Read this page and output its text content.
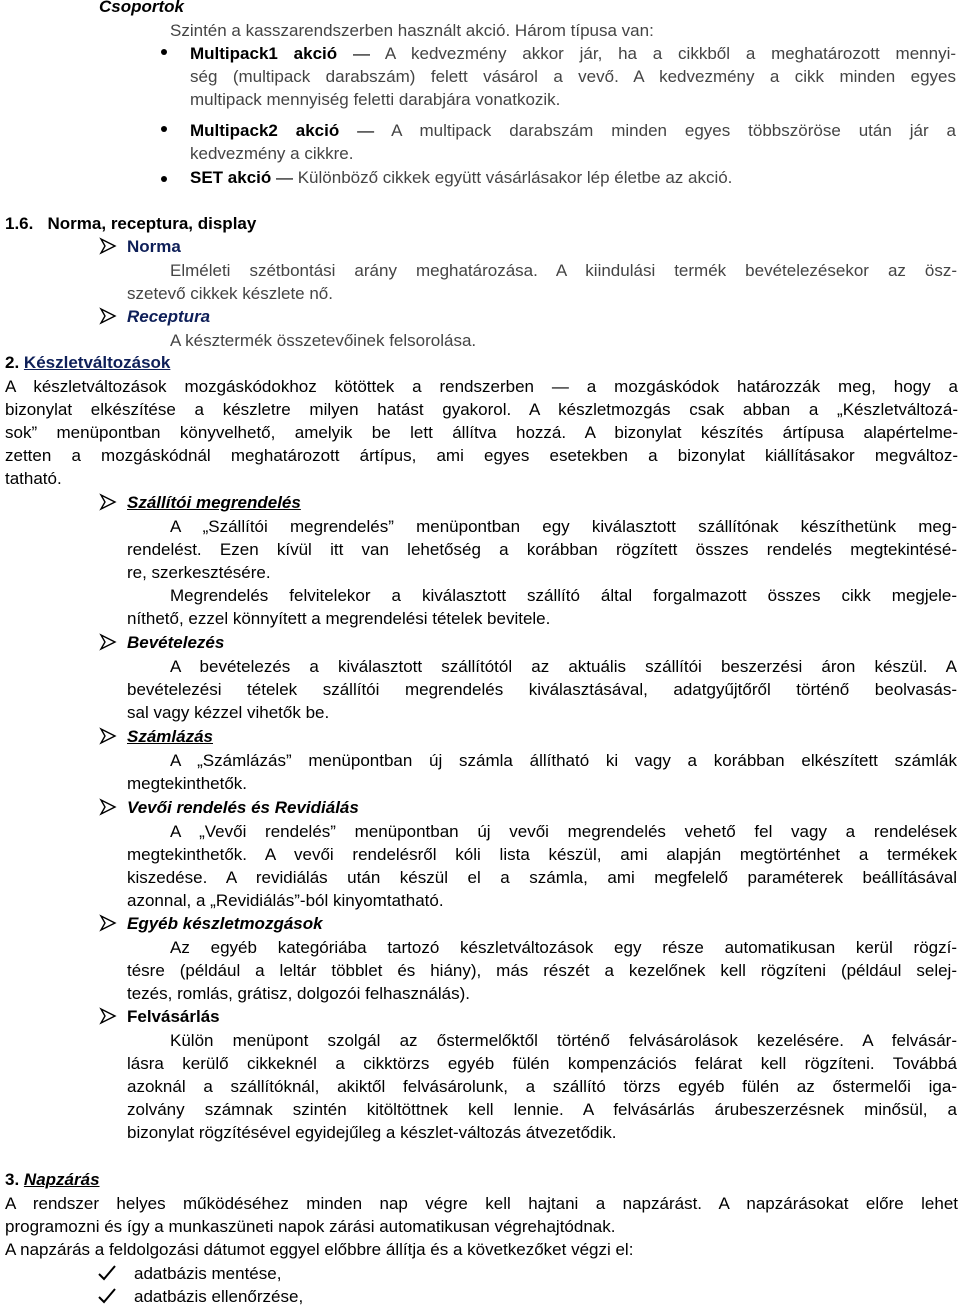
Csoportok
Szintén a kasszarendszerben használt akció. Három típusa van:
Multipack1 akció — A kedvezmény akkor jár, ha a cikkből a meghatározott mennyi-
ség (multipack darabszám) felett vásárol a vevő. A kedvezmény a cikk minden egyes
multipack mennyiség feletti darabjára vonatkozik.
Multipack2 akció — A multipack darabszám minden egyes többszöröse után jár a
kedvezmény a cikkre.
SET akció — Különböző cikkek együtt vásárlásakor lép életbe az akció.
1.6.   Norma, receptura, display
Norma
Elméleti szétbontási arány meghatározása. A kiindulási termék bevételezésekor az ösz-
szetevő cikkek készlete nő.
Receptura
A késztermék összetevőinek felsorolása.
2. Készletváltozások
A készletváltozások mozgáskódokhoz kötöttek a rendszerben — a mozgáskódok határozzák meg, hogy a
bizonylat elkészítése a készletre milyen hatást gyakorol. A készletmozgás csak abban a „Készletváltozá-
sok” menüpontban könyvelhető, amelyik be lett állítva hozzá. A bizonylat készítés ártípusa alapértelme-
zetten a mozgáskódnál meghatározott ártípus, ami egyes esetekben a bizonylat kiállításakor megváltoz-
tatható.
Szállítói megrendelés
A „Szállítói megrendelés” menüpontban egy kiválasztott szállítónak készíthetünk meg-
rendelést. Ezen kívül itt van lehetőség a korábban rögzített összes rendelés megtekintésé-
re, szerkesztésére.
Megrendelés felvitelekor a kiválasztott szállító által forgalmazott összes cikk megjele-
níthető, ezzel könnyített a megrendelési tételek bevitele.
Bevételezés
A bevételezés a kiválasztott szállítótól az aktuális szállítói beszerzési áron készül. A
bevételezési tételek szállítói megrendelés kiválasztásával, adatgyűjtőről történő beolvasás-
sal vagy kézzel vihetők be.
Számlázás
A „Számlázás” menüpontban új számla állítható ki vagy a korábban elkészített számlák
megtekinthetők.
Vevői rendelés és Revidiálás
A „Vevői rendelés” menüpontban új vevői megrendelés vehető fel vagy a rendelések
megtekinthetők. A vevői rendelésről kóli lista készül, ami alapján megtörténhet a termékek
kiszedése. A revidiálás után készül el a számla, ami megfelelő paraméterek beállításával
azonnal, a „Revidiálás”-ból kinyomtatható.
Egyéb készletmozgások
Az egyéb kategóriába tartozó készletváltozások egy része automatikusan kerül rögzí-
tésre (például a leltár többlet és hiány), más részét a kezelőnek kell rögzíteni (például selej-
tezés, romlás, grátisz, dolgozói felhasználás).
Felvásárlás
Külön menüpont szolgál az őstermelőktől történő felvásárolások kezelésére. A felvásár-
lásra kerülő cikkeknél a cikktörzs egyéb fülén kompenzációs felárat kell rögzíteni. Továbbá
azoknál a szállítóknál, akiktől felvásárolunk, a szállító törzs egyéb fülén az őstermelői iga-
zolvány számnak szintén kitöltöttnek kell lennie. A felvásárlás árubeszerzésnek minősül, a
bizonylat rögzítésével egyidejűleg a készlet-változás átvezetődik.
3. Napzárás
A rendszer helyes működéséhez minden nap végre kell hajtani a napzárást. A napzárásokat előre lehet
programozni és így a munkaszüneti napok zárási automatikusan végrehajtódnak.
A napzárás a feldolgozási dátumot eggyel előbbre állítja és a következőket végzi el:
adatbázis mentése,
adatbázis ellenőrzése,
